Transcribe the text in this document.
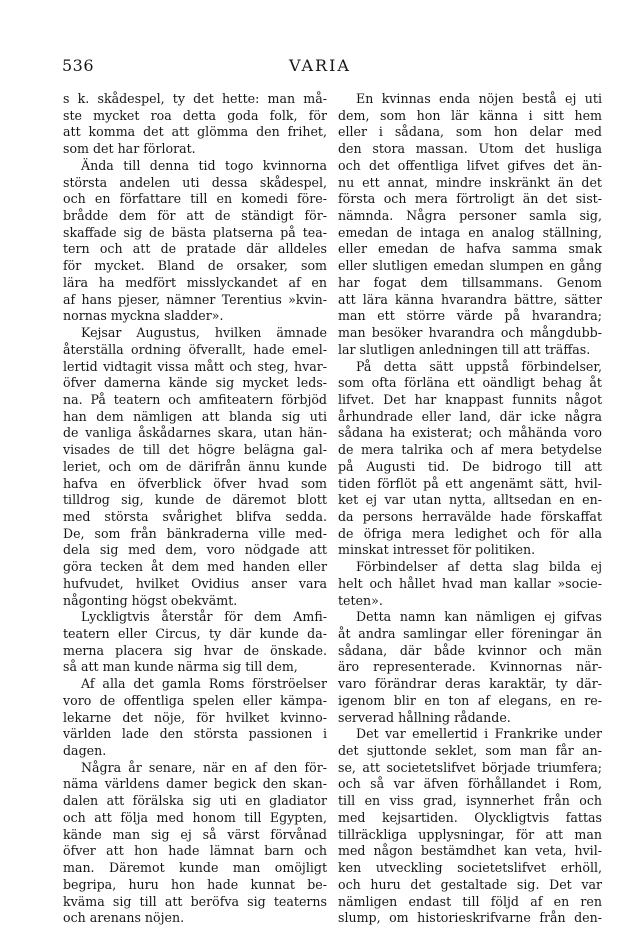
536	VARIA
s k. skådespel, ty det hette: man må-
ste mycket roa detta goda folk, för
att komma det att glömma den frihet,
som det har förlorat.
Ända till denna tid togo kvinnorna
största andelen uti dessa skådespel,
och en författare till en komedi före-
brådde dem för att de ständigt för-
skaffade sig de bästa platserna på tea-
tern och att de pratade där alldeles
för mycket. Bland de orsaker, som
lära ha medfört misslyckandet af en
af hans pjeser, nämner Terentius »kvin-
nornas myckna sladder».
Kejsar Augustus, hvilken ämnade
återställa ordning öfverallt, hade emel-
lertid vidtagit vissa mått och steg, hvar-
öfver damerna kände sig mycket leds-
na. På teatern och amfiteatern förbjöd
han dem nämligen att blanda sig uti
de vanliga åskådarnes skara, utan hän-
visades de till det högre belägna gal-
leriet, och om de därifrån ännu kunde
hafva en öfverblick öfver hvad som
tilldrog sig, kunde de däremot blott
med största svårighet blifva sedda.
De, som från bänkraderna ville med-
dela sig med dem, voro nödgade att
göra tecken åt dem med handen eller
hufvudet, hvilket Ovidius anser vara
någonting högst obekvämt.
Lyckligtvis återstår för dem Amfi-
teatern eller Circus, ty där kunde da-
merna placera sig hvar de önskade.
så att man kunde närma sig till dem,
Af alla det gamla Roms förströelser
voro de offentliga spelen eller kämpa-
lekarne det nöje, för hvilket kvinno-
världen lade den största passionen i
dagen.
Några år senare, när en af den för-
näma världens damer begick den skan-
dalen att förälska sig uti en gladiator
och att följa med honom till Egypten,
kände man sig ej så värst förvånad
öfver att hon hade lämnat barn och
man. Däremot kunde man omöjligt
begripa, huru hon hade kunnat be-
kväma sig till att beröfva sig teaterns
och arenans nöjen.
En kvinnas enda nöjen bestå ej uti
dem, som hon lär känna i sitt hem
eller i sådana, som hon delar med
den stora massan. Utom det husliga
och det offentliga lifvet gifves det än-
nu ett annat, mindre inskränkt än det
första och mera förtroligt än det sist-
nämnda. Några personer samla sig,
emedan de intaga en analog ställning,
eller emedan de hafva samma smak
eller slutligen emedan slumpen en gång
har fogat dem tillsammans. Genom
att lära känna hvarandra bättre, sätter
man ett större värde på hvarandra;
man besöker hvarandra och mångdubb-
lar slutligen anledningen till att träffas.
På detta sätt uppstå förbindelser,
som ofta förläna ett oändligt behag åt
lifvet. Det har knappast funnits något
århundrade eller land, där icke några
sådana ha existerat; och måhända voro
de mera talrika och af mera betydelse
på Augusti tid. De bidrogo till att
tiden förflöt på ett angenämt sätt, hvil-
ket ej var utan nytta, alltsedan en en-
da persons herravälde hade förskaffat
de öfriga mera ledighet och för alla
minskat intresset för politiken.
Förbindelser af detta slag bilda ej
helt och hållet hvad man kallar »socie-
teten».
Detta namn kan nämligen ej gifvas
åt andra samlingar eller föreningar än
sådana, där både kvinnor och män
äro representerade. Kvinnornas när-
varo förändrar deras karaktär, ty där-
igenom blir en ton af elegans, en re-
serverad hållning rådande.
Det var emellertid i Frankrike under
det sjuttonde seklet, som man får an-
se, att societetslifvet började triumfera;
och så var äfven förhållandet i Rom,
till en viss grad, isynnerhet från och
med kejsartiden. Olyckligtvis fattas
tillräckliga upplysningar, för att man
med någon bestämdhet kan veta, hvil-
ken utveckling societetslifvet erhöll,
och huru det gestaltade sig. Det var
nämligen endast till följd af en ren
slump, om historieskrifvarne från den-
